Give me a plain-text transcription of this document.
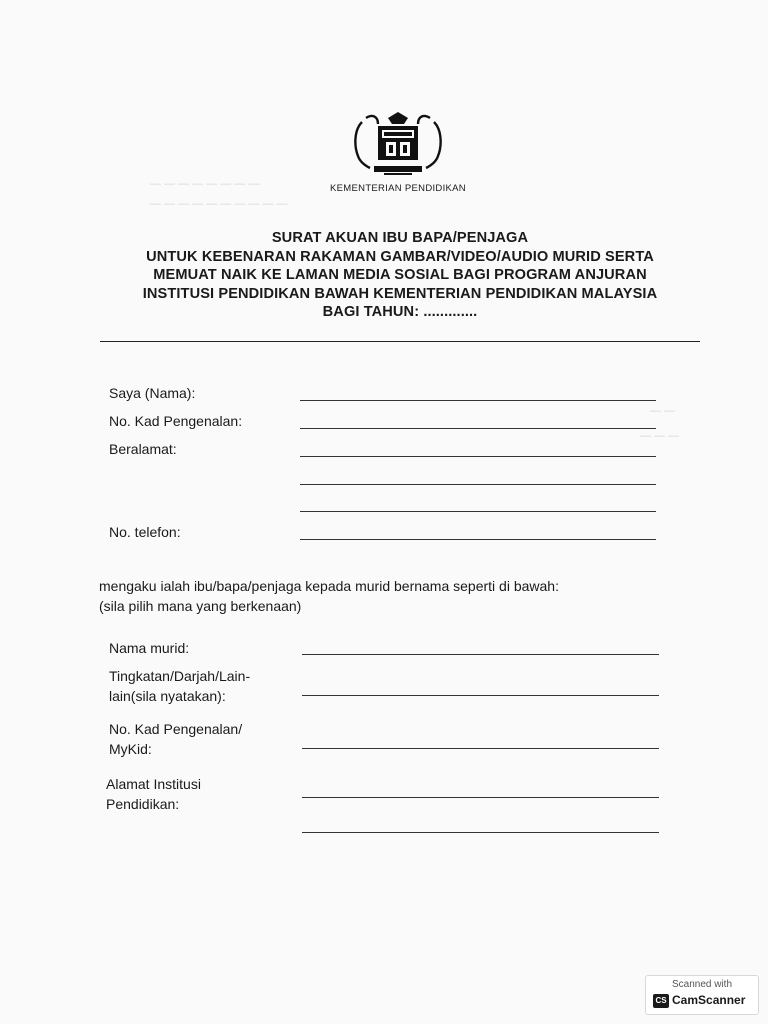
— — — — — — — —
— — — — — — — — — —
— —
— — —
KEMENTERIAN PENDIDIKAN
SURAT AKUAN IBU BAPA/PENJAGA
UNTUK KEBENARAN RAKAMAN GAMBAR/VIDEO/AUDIO MURID SERTA
MEMUAT NAIK KE LAMAN MEDIA SOSIAL BAGI PROGRAM ANJURAN
INSTITUSI PENDIDIKAN BAWAH KEMENTERIAN PENDIDIKAN MALAYSIA
BAGI TAHUN: .............
Saya (Nama):
No. Kad Pengenalan:
Beralamat:
No. telefon:
mengaku ialah ibu/bapa/penjaga kepada murid bernama seperti di bawah:
(sila pilih mana yang berkenaan)
Nama murid:
Tingkatan/Darjah/Lain-
lain(sila nyatakan):
No. Kad Pengenalan/
MyKid:
Alamat Institusi
Pendidikan:
Scanned with
CS CamScanner
